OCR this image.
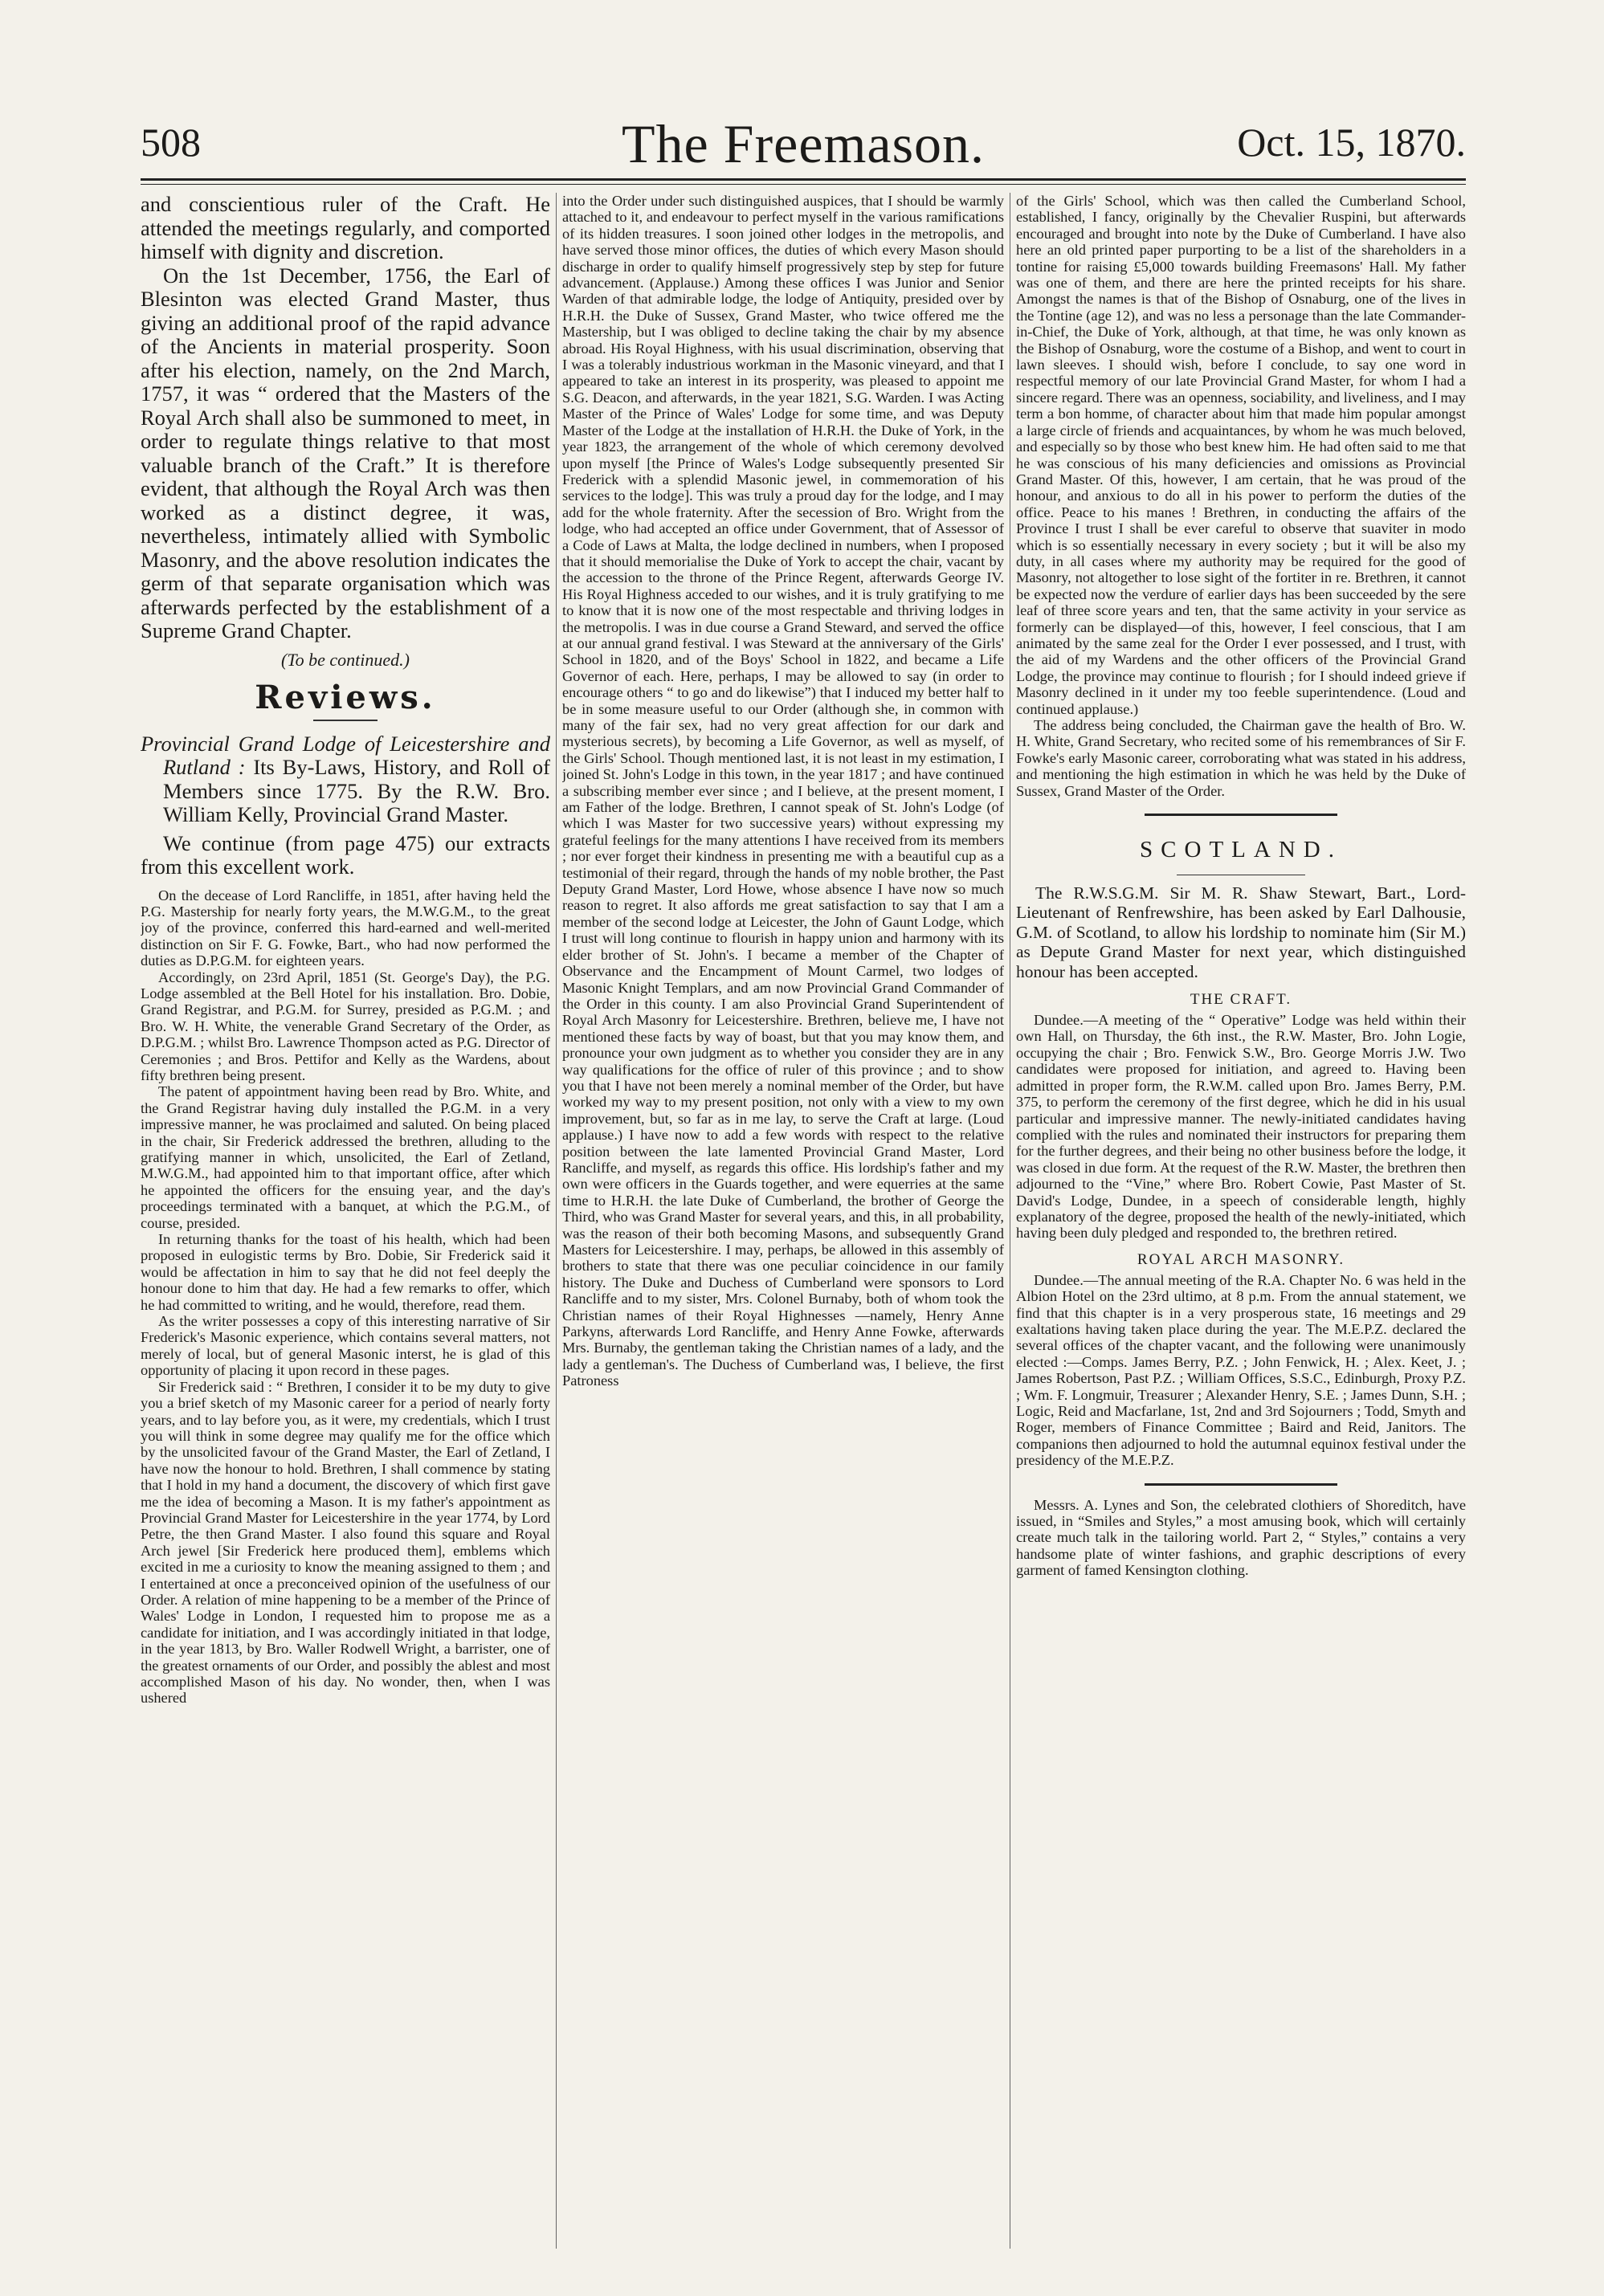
508	The Freemason.	Oct. 15, 1870.

and conscientious ruler of the Craft. He attended the meetings regularly, and comported himself with dignity and discretion.

On the 1st December, 1756, the Earl of Blesinton was elected Grand Master, thus giving an additional proof of the rapid advance of the Ancients in material prosperity. Soon after his election, namely, on the 2nd March, 1757, it was “ ordered that the Masters of the Royal Arch shall also be summoned to meet, in order to regulate things relative to that most valuable branch of the Craft.” It is therefore evident, that although the Royal Arch was then worked as a distinct degree, it was, nevertheless, intimately allied with Symbolic Masonry, and the above resolution indicates the germ of that separate organisation which was afterwards perfected by the establishment of a Supreme Grand Chapter.

(To be continued.)
Reviews.
Provincial Grand Lodge of Leicestershire and Rutland : Its By-Laws, History, and Roll of Members since 1775. By the R.W. Bro. William Kelly, Provincial Grand Master.

We continue (from page 475) our extracts from this excellent work.

On the decease of Lord Rancliffe, in 1851, after having held the P.G. Mastership for nearly forty years, the M.W.G.M., to the great joy of the province, conferred this hard-earned and well-merited distinction on Sir F. G. Fowke, Bart., who had now performed the duties as D.P.G.M. for eighteen years.

Accordingly, on 23rd April, 1851 (St. George's Day), the P.G. Lodge assembled at the Bell Hotel for his installation. Bro. Dobie, Grand Registrar, and P.G.M. for Surrey, presided as P.G.M. ; and Bro. W. H. White, the venerable Grand Secretary of the Order, as D.P.G.M. ; whilst Bro. Lawrence Thompson acted as P.G. Director of Ceremonies ; and Bros. Pettifor and Kelly as the Wardens, about fifty brethren being present.

The patent of appointment having been read by Bro. White, and the Grand Registrar having duly installed the P.G.M. in a very impressive manner, he was proclaimed and saluted. On being placed in the chair, Sir Frederick addressed the brethren, alluding to the gratifying manner in which, unsolicited, the Earl of Zetland, M.W.G.M., had appointed him to that important office, after which he appointed the officers for the ensuing year, and the day's proceedings terminated with a banquet, at which the P.G.M., of course, presided.

In returning thanks for the toast of his health, which had been proposed in eulogistic terms by Bro. Dobie, Sir Frederick said it would be affectation in him to say that he did not feel deeply the honour done to him that day. He had a few remarks to offer, which he had committed to writing, and he would, therefore, read them.

As the writer possesses a copy of this interesting narrative of Sir Frederick's Masonic experience, which contains several matters, not merely of local, but of general Masonic interst, he is glad of this opportunity of placing it upon record in these pages.

Sir Frederick said : “ Brethren, I consider it to be my duty to give you a brief sketch of my Masonic career for a period of nearly forty years, and to lay before you, as it were, my credentials, which I trust you will think in some degree may qualify me for the office which by the unsolicited favour of the Grand Master, the Earl of Zetland, I have now the honour to hold. Brethren, I shall commence by stating that I hold in my hand a document, the discovery of which first gave me the idea of becoming a Mason. It is my father's appointment as Provincial Grand Master for Leicestershire in the year 1774, by Lord Petre, the then Grand Master. I also found this square and Royal Arch jewel [Sir Frederick here produced them], emblems which excited in me a curiosity to know the meaning assigned to them ; and I entertained at once a preconceived opinion of the usefulness of our Order. A relation of mine happening to be a member of the Prince of Wales' Lodge in London, I requested him to propose me as a candidate for initiation, and I was accordingly initiated in that lodge, in the year 1813, by Bro. Waller Rodwell Wright, a barrister, one of the greatest ornaments of our Order, and possibly the ablest and most accomplished Mason of his day. No wonder, then, when I was ushered

into the Order under such distinguished auspices, that I should be warmly attached to it, and endeavour to perfect myself in the various ramifications of its hidden treasures. I soon joined other lodges in the metropolis, and have served those minor offices, the duties of which every Mason should discharge in order to qualify himself progressively step by step for future advancement. (Applause.) Among these offices I was Junior and Senior Warden of that admirable lodge, the lodge of Antiquity, presided over by H.R.H. the Duke of Sussex, Grand Master, who twice offered me the Mastership, but I was obliged to decline taking the chair by my absence abroad. His Royal Highness, with his usual discrimination, observing that I was a tolerably industrious workman in the Masonic vineyard, and that I appeared to take an interest in its prosperity, was pleased to appoint me S.G. Deacon, and afterwards, in the year 1821, S.G. Warden. I was Acting Master of the Prince of Wales' Lodge for some time, and was Deputy Master of the Lodge at the installation of H.R.H. the Duke of York, in the year 1823, the arrangement of the whole of which ceremony devolved upon myself [the Prince of Wales's Lodge subsequently presented Sir Frederick with a splendid Masonic jewel, in commemoration of his services to the lodge]. This was truly a proud day for the lodge, and I may add for the whole fraternity. After the secession of Bro. Wright from the lodge, who had accepted an office under Government, that of Assessor of a Code of Laws at Malta, the lodge declined in numbers, when I proposed that it should memorialise the Duke of York to accept the chair, vacant by the accession to the throne of the Prince Regent, afterwards George IV. His Royal Highness acceded to our wishes, and it is truly gratifying to me to know that it is now one of the most respectable and thriving lodges in the metropolis. I was in due course a Grand Steward, and served the office at our annual grand festival. I was Steward at the anniversary of the Girls' School in 1820, and of the Boys' School in 1822, and became a Life Governor of each. Here, perhaps, I may be allowed to say (in order to encourage others “ to go and do likewise”) that I induced my better half to be in some measure useful to our Order (although she, in common with many of the fair sex, had no very great affection for our dark and mysterious secrets), by becoming a Life Governor, as well as myself, of the Girls' School. Though mentioned last, it is not least in my estimation, I joined St. John's Lodge in this town, in the year 1817 ; and have continued a subscribing member ever since ; and I believe, at the present moment, I am Father of the lodge. Brethren, I cannot speak of St. John's Lodge (of which I was Master for two successive years) without expressing my grateful feelings for the many attentions I have received from its members ; nor ever forget their kindness in presenting me with a beautiful cup as a testimonial of their regard, through the hands of my noble brother, the Past Deputy Grand Master, Lord Howe, whose absence I have now so much reason to regret. It also affords me great satisfaction to say that I am a member of the second lodge at Leicester, the John of Gaunt Lodge, which I trust will long continue to flourish in happy union and harmony with its elder brother of St. John's. I became a member of the Chapter of Observance and the Encampment of Mount Carmel, two lodges of Masonic Knight Templars, and am now Provincial Grand Commander of the Order in this county. I am also Provincial Grand Superintendent of Royal Arch Masonry for Leicestershire. Brethren, believe me, I have not mentioned these facts by way of boast, but that you may know them, and pronounce your own judgment as to whether you consider they are in any way qualifications for the office of ruler of this province ; and to show you that I have not been merely a nominal member of the Order, but have worked my way to my present position, not only with a view to my own improvement, but, so far as in me lay, to serve the Craft at large. (Loud applause.) I have now to add a few words with respect to the relative position between the late lamented Provincial Grand Master, Lord Rancliffe, and myself, as regards this office. His lordship's father and my own were officers in the Guards together, and were equerries at the same time to H.R.H. the late Duke of Cumberland, the brother of George the Third, who was Grand Master for several years, and this, in all probability, was the reason of their both becoming Masons, and subsequently Grand Masters for Leicestershire. I may, perhaps, be allowed in this assembly of brothers to state that there was one peculiar coincidence in our family history. The Duke and Duchess of Cumberland were sponsors to Lord Rancliffe and to my sister, Mrs. Colonel Burnaby, both of whom took the Christian names of their Royal Highnesses —namely, Henry Anne Parkyns, afterwards Lord Rancliffe, and Henry Anne Fowke, afterwards Mrs. Burnaby, the gentleman taking the Christian names of a lady, and the lady a gentleman's. The Duchess of Cumberland was, I believe, the first Patroness

of the Girls' School, which was then called the Cumberland School, established, I fancy, originally by the Chevalier Ruspini, but afterwards encouraged and brought into note by the Duke of Cumberland. I have also here an old printed paper purporting to be a list of the shareholders in a tontine for raising £5,000 towards building Freemasons' Hall. My father was one of them, and there are here the printed receipts for his share. Amongst the names is that of the Bishop of Osnaburg, one of the lives in the Tontine (age 12), and was no less a personage than the late Commander-in-Chief, the Duke of York, although, at that time, he was only known as the Bishop of Osnaburg, wore the costume of a Bishop, and went to court in lawn sleeves. I should wish, before I conclude, to say one word in respectful memory of our late Provincial Grand Master, for whom I had a sincere regard. There was an openness, sociability, and liveliness, and I may term a bon homme, of character about him that made him popular amongst a large circle of friends and acquaintances, by whom he was much beloved, and especially so by those who best knew him. He had often said to me that he was conscious of his many deficiencies and omissions as Provincial Grand Master. Of this, however, I am certain, that he was proud of the honour, and anxious to do all in his power to perform the duties of the office. Peace to his manes ! Brethren, in conducting the affairs of the Province I trust I shall be ever careful to observe that suaviter in modo which is so essentially necessary in every society ; but it will be also my duty, in all cases where my authority may be required for the good of Masonry, not altogether to lose sight of the fortiter in re. Brethren, it cannot be expected now the verdure of earlier days has been succeeded by the sere leaf of three score years and ten, that the same activity in your service as formerly can be displayed—of this, however, I feel conscious, that I am animated by the same zeal for the Order I ever possessed, and I trust, with the aid of my Wardens and the other officers of the Provincial Grand Lodge, the province may continue to flourish ; for I should indeed grieve if Masonry declined in it under my too feeble superintendence. (Loud and continued applause.)

The address being concluded, the Chairman gave the health of Bro. W. H. White, Grand Secretary, who recited some of his remembrances of Sir F. Fowke's early Masonic career, corroborating what was stated in his address, and mentioning the high estimation in which he was held by the Duke of Sussex, Grand Master of the Order.

SCOTLAND.

The R.W.S.G.M. Sir M. R. Shaw Stewart, Bart., Lord-Lieutenant of Renfrewshire, has been asked by Earl Dalhousie, G.M. of Scotland, to allow his lordship to nominate him (Sir M.) as Depute Grand Master for next year, which distinguished honour has been accepted.

THE CRAFT.

Dundee.—A meeting of the “ Operative” Lodge was held within their own Hall, on Thursday, the 6th inst., the R.W. Master, Bro. John Logie, occupying the chair ; Bro. Fenwick S.W., Bro. George Morris J.W. Two candidates were proposed for initiation, and agreed to. Having been admitted in proper form, the R.W.M. called upon Bro. James Berry, P.M. 375, to perform the ceremony of the first degree, which he did in his usual particular and impressive manner. The newly-initiated candidates having complied with the rules and nominated their instructors for preparing them for the further degrees, and their being no other business before the lodge, it was closed in due form. At the request of the R.W. Master, the brethren then adjourned to the “Vine,” where Bro. Robert Cowie, Past Master of St. David's Lodge, Dundee, in a speech of considerable length, highly explanatory of the degree, proposed the health of the newly-initiated, which having been duly pledged and responded to, the brethren retired.

ROYAL ARCH MASONRY.

Dundee.—The annual meeting of the R.A. Chapter No. 6 was held in the Albion Hotel on the 23rd ultimo, at 8 p.m. From the annual statement, we find that this chapter is in a very prosperous state, 16 meetings and 29 exaltations having taken place during the year. The M.E.P.Z. declared the several offices of the chapter vacant, and the following were unanimously elected :—Comps. James Berry, P.Z. ; John Fenwick, H. ; Alex. Keet, J. ; James Robertson, Past P.Z. ; William Offices, S.S.C., Edinburgh, Proxy P.Z. ; Wm. F. Longmuir, Treasurer ; Alexander Henry, S.E. ; James Dunn, S.H. ; Logic, Reid and Macfarlane, 1st, 2nd and 3rd Sojourners ; Todd, Smyth and Roger, members of Finance Committee ; Baird and Reid, Janitors. The companions then adjourned to hold the autumnal equinox festival under the presidency of the M.E.P.Z.

Messrs. A. Lynes and Son, the celebrated clothiers of Shoreditch, have issued, in “Smiles and Styles,” a most amusing book, which will certainly create much talk in the tailoring world. Part 2, “ Styles,” contains a very handsome plate of winter fashions, and graphic descriptions of every garment of famed Kensington clothing.
